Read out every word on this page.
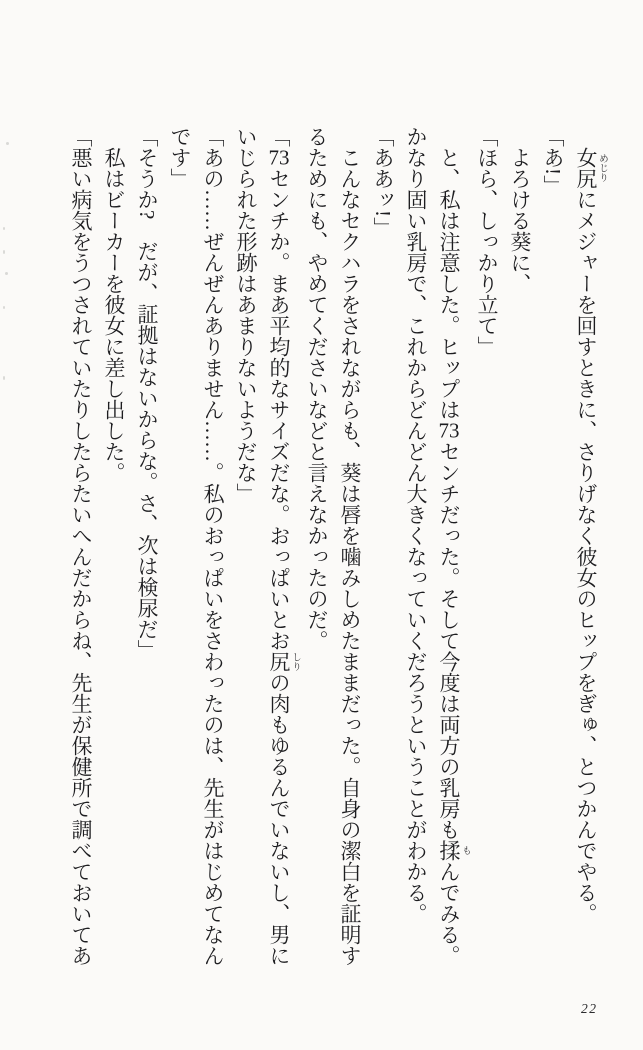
女尻 めじりにメジャーを回すときに、さりげなく彼女のヒップをぎゅ、とつかんでやる。

「あ!」

よろける葵に、

「ほら、しっかり立て」

と、私は注意した。ヒップは73センチだった。そして今度は両方の乳房も揉 もんでみる。かなり固い乳房で、これからどんどん大きくなっていくだろうということがわかる。

「ああッ!」

こんなセクハラをされながらも、葵は唇を噛みしめたままだった。自身の潔白を証明するためにも、やめてくださいなどと言えなかったのだ。

「73センチか。まあ平均的なサイズだな。おっぱいとお尻 しりの肉もゆるんでいないし、男にいじられた形跡はあまりないようだな」

「あの……ぜんぜんありません……。私のおっぱいをさわったのは、先生がはじめてなんです」

「そうか?　だが、証拠はないからな。さ、次は検尿だ」

私はビーカーを彼女に差し出した。

「悪い病気をうつされていたりしたらたいへんだからね、先生が保健所で調べておいてあ

22
